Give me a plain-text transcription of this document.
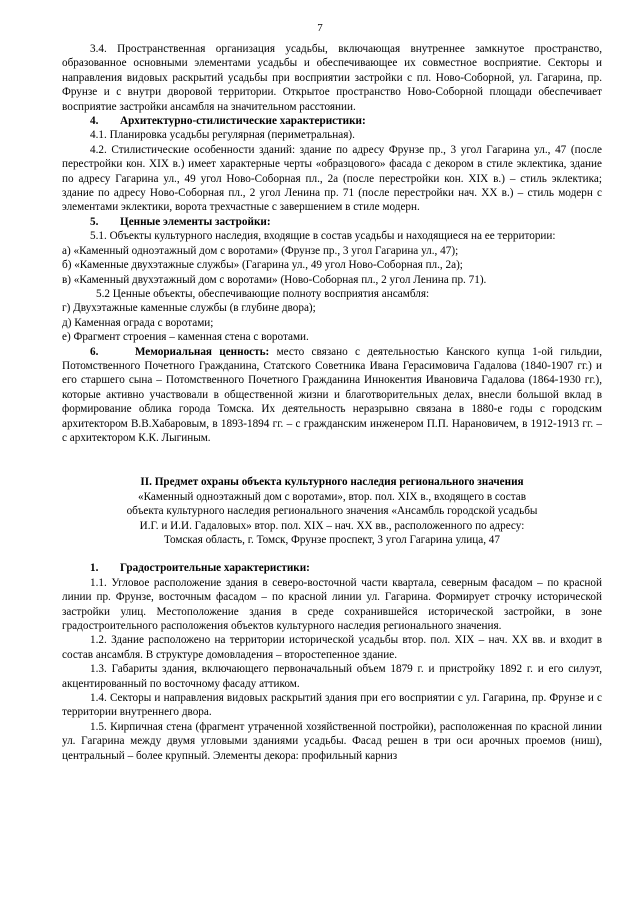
7

3.4. Пространственная организация усадьбы, включающая внутреннее замкнутое пространство, образованное основными элементами усадьбы и обеспечивающее их совместное восприятие. Секторы и направления видовых раскрытий усадьбы при восприятии застройки с пл. Ново-Соборной, ул. Гагарина, пр. Фрунзе и с внутри дворовой территории. Открытое пространство Ново-Соборной площади обеспечивает восприятие застройки ансамбля на значительном расстоянии.

4. Архитектурно-стилистические характеристики:

4.1. Планировка усадьбы регулярная (периметральная).

4.2. Стилистические особенности зданий: здание по адресу Фрунзе пр., 3 угол Гагарина ул., 47 (после перестройки кон. XIX в.) имеет характерные черты «образцового» фасада с декором в стиле эклектика, здание по адресу Гагарина ул., 49 угол Ново-Соборная пл., 2а (после перестройки кон. XIX в.) – стиль эклектика; здание по адресу Ново-Соборная пл., 2 угол Ленина пр. 71 (после перестройки нач. XX в.) – стиль модерн с элементами эклектики, ворота трехчастные с завершением в стиле модерн.

5. Ценные элементы застройки:

5.1. Объекты культурного наследия, входящие в состав усадьбы и находящиеся на ее территории:

а) «Каменный одноэтажный дом с воротами» (Фрунзе пр., 3 угол Гагарина ул., 47);

б) «Каменные двухэтажные службы» (Гагарина ул., 49 угол Ново-Соборная пл., 2а);

в) «Каменный двухэтажный дом с воротами» (Ново-Соборная пл., 2 угол Ленина пр. 71).

5.2 Ценные объекты, обеспечивающие полноту восприятия ансамбля:

г) Двухэтажные каменные службы (в глубине двора);

д) Каменная ограда с воротами;

е) Фрагмент строения – каменная стена с воротами.

6.	Мемориальная ценность: место связано с деятельностью Канского купца 1-ой гильдии, Потомственного Почетного Гражданина, Статского Советника Ивана Герасимовича Гадалова (1840-1907 гг.) и его старшего сына – Потомственного Почетного Гражданина Иннокентия Ивановича Гадалова (1864-1930 гг.), которые активно участвовали в общественной жизни и благотворительных делах, внесли большой вклад в формирование облика города Томска. Их деятельность неразрывно связана в 1880-е годы с городским архитектором В.В.Хабаровым, в 1893-1894 гг. – с гражданским инженером П.П. Нарановичем, в 1912-1913 гг. – с архитектором К.К. Лыгиным.

II. Предмет охраны объекта культурного наследия регионального значения

«Каменный одноэтажный дом с воротами», втор. пол. XIX в., входящего в состав

объекта культурного наследия регионального значения «Ансамбль городской усадьбы

И.Г. и И.И. Гадаловых» втор. пол. XIX – нач. XX вв., расположенного по адресу:

Томская область, г. Томск, Фрунзе проспект, 3 угол Гагарина улица, 47

1. Градостроительные характеристики:

1.1. Угловое расположение здания в северо-восточной части квартала, северным фасадом – по красной линии пр. Фрунзе, восточным фасадом – по красной линии ул. Гагарина. Формирует строчку исторической застройки улиц. Местоположение здания в среде сохранившейся исторической застройки, в зоне градостроительного расположения объектов культурного наследия регионального значения.

1.2. Здание расположено на территории исторической усадьбы втор. пол. XIX – нач. XX вв. и входит в состав ансамбля. В структуре домовладения – второстепенное здание.

1.3. Габариты здания, включающего первоначальный объем 1879 г. и пристройку 1892 г. и его силуэт, акцентированный по восточному фасаду аттиком.

1.4. Секторы и направления видовых раскрытий здания при его восприятии с ул. Гагарина, пр. Фрунзе и с территории внутреннего двора.

1.5. Кирпичная стена (фрагмент утраченной хозяйственной постройки), расположенная по красной линии ул. Гагарина между двумя угловыми зданиями усадьбы. Фасад решен в три оси арочных проемов (ниш), центральный – более крупный. Элементы декора: профильный карниз
